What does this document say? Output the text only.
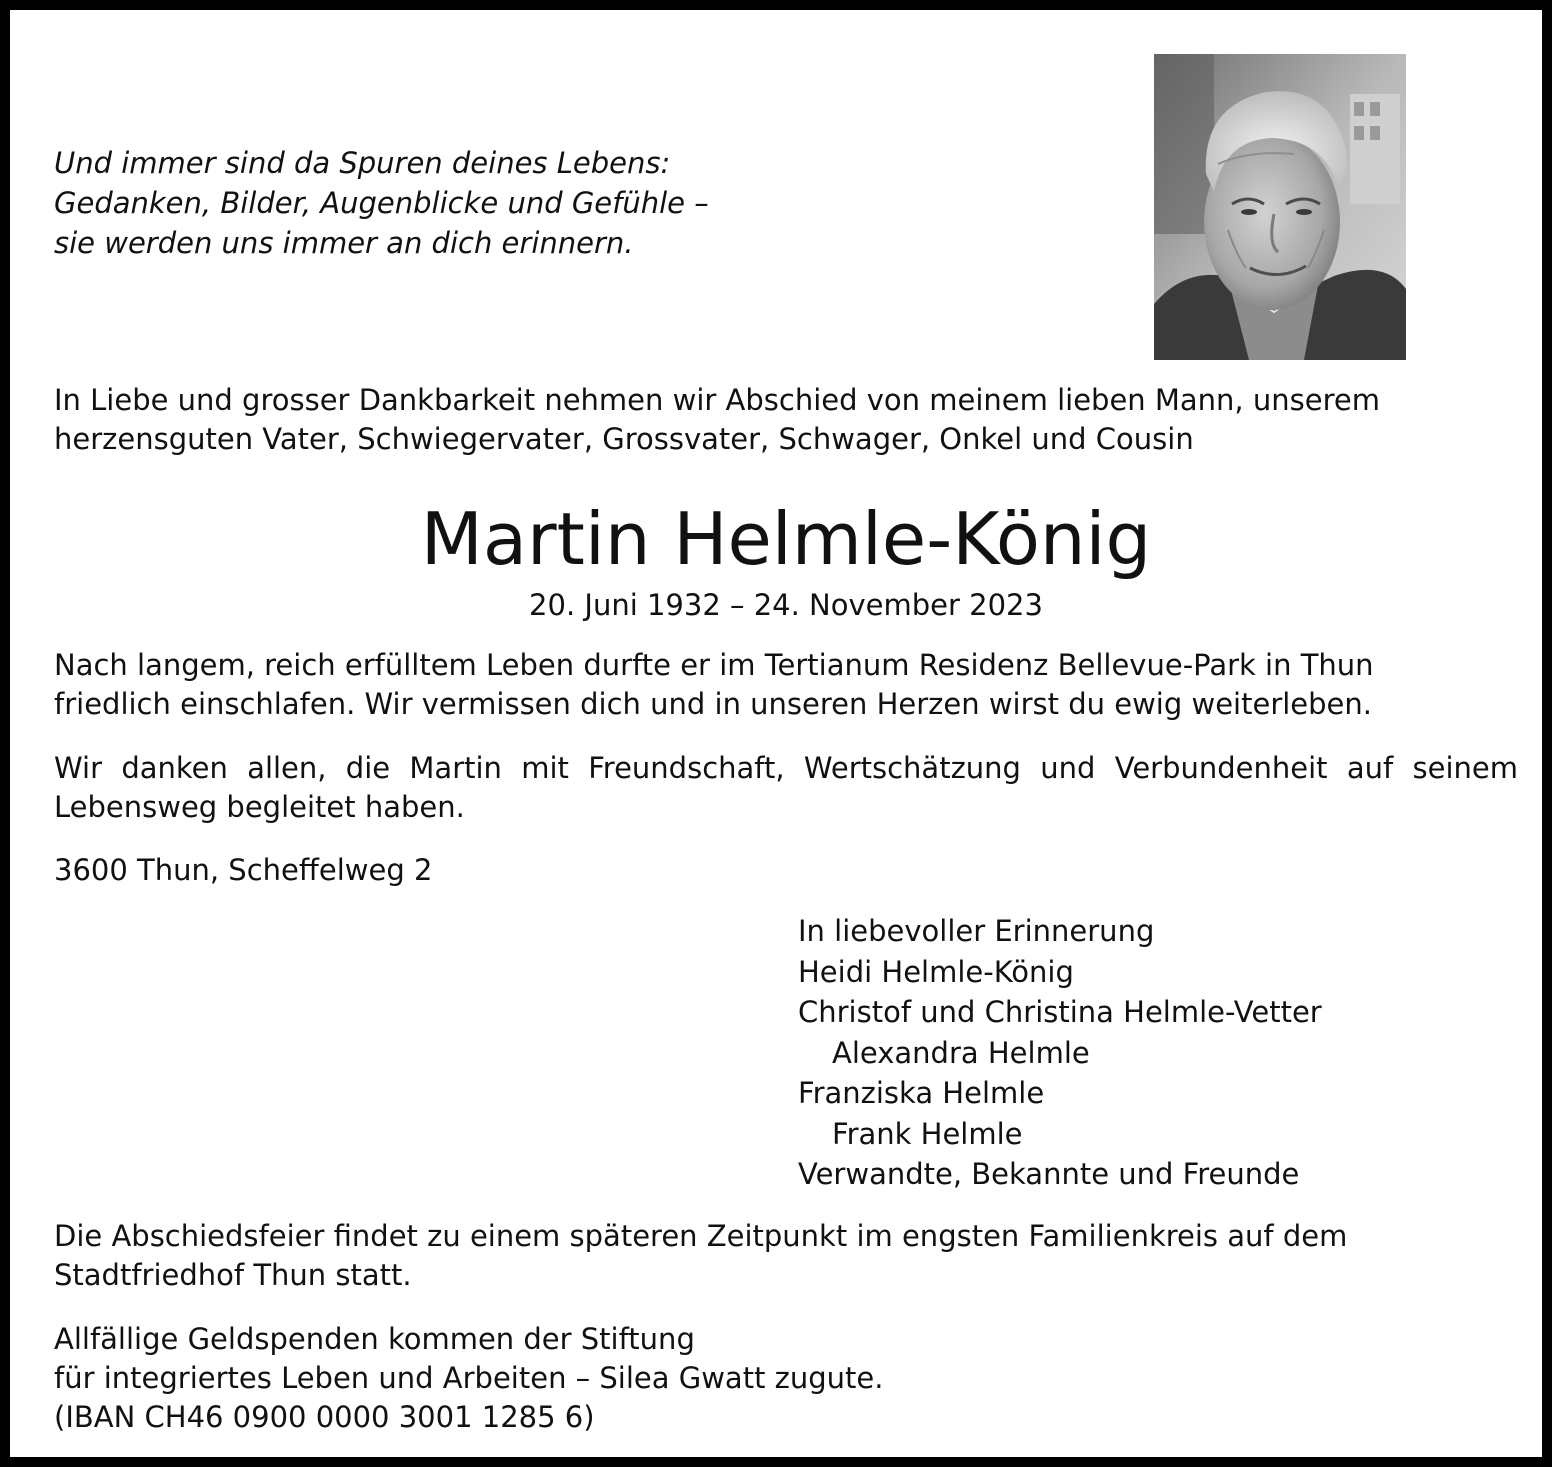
Und immer sind da Spuren deines Lebens:
Gedanken, Bilder, Augenblicke und Gefühle –
sie werden uns immer an dich erinnern.

In Liebe und grosser Dankbarkeit nehmen wir Abschied von meinem lieben Mann, unserem
herzensguten Vater, Schwiegervater, Grossvater, Schwager, Onkel und Cousin

Martin Helmle-König

20. Juni 1932 – 24. November 2023

Nach langem, reich erfülltem Leben durfte er im Tertianum Residenz Bellevue-Park in Thun
friedlich einschlafen. Wir vermissen dich und in unseren Herzen wirst du ewig weiterleben.

Wir danken allen, die Martin mit Freundschaft, Wertschätzung und Verbundenheit auf seinem Lebensweg begleitet haben.

3600 Thun, Scheffelweg 2

In liebevoller Erinnerung
Heidi Helmle-König
Christof und Christina Helmle-Vetter
Alexandra Helmle
Franziska Helmle
Frank Helmle
Verwandte, Bekannte und Freunde

Die Abschiedsfeier findet zu einem späteren Zeitpunkt im engsten Familienkreis auf dem
Stadtfriedhof Thun statt.

Allfällige Geldspenden kommen der Stiftung
für integriertes Leben und Arbeiten – Silea Gwatt zugute.
(IBAN CH46 0900 0000 3001 1285 6)
